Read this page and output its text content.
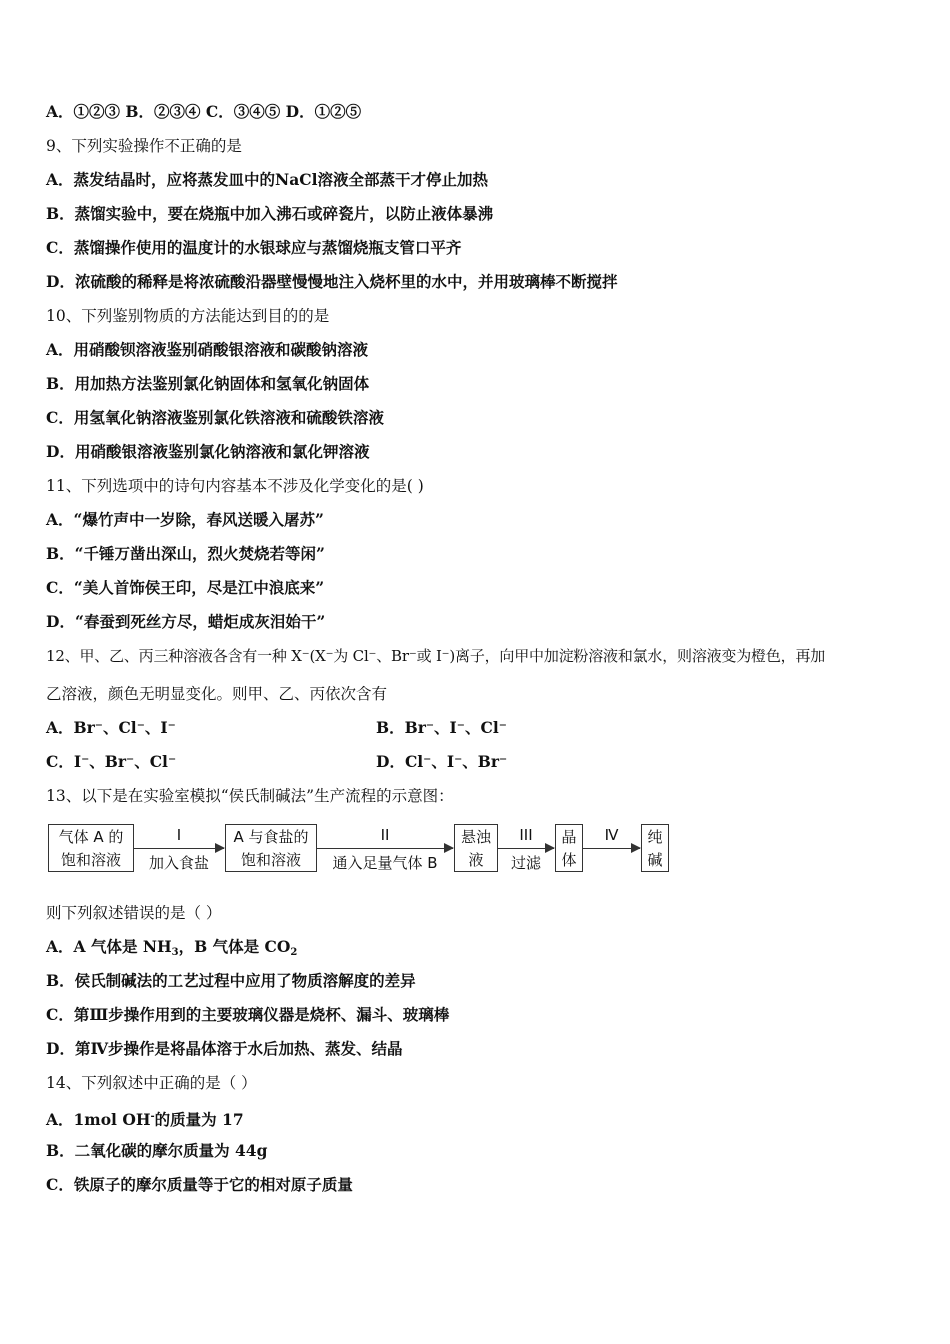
A．①②③ B．②③④ C．③④⑤ D．①②⑤
9、下列实验操作不正确的是
A．蒸发结晶时，应将蒸发皿中的NaCl溶液全部蒸干才停止加热
B．蒸馏实验中，要在烧瓶中加入沸石或碎瓷片，以防止液体暴沸
C．蒸馏操作使用的温度计的水银球应与蒸馏烧瓶支管口平齐
D．浓硫酸的稀释是将浓硫酸沿器壁慢慢地注入烧杯里的水中，并用玻璃棒不断搅拌
10、下列鉴别物质的方法能达到目的的是
A．用硝酸钡溶液鉴别硝酸银溶液和碳酸钠溶液
B．用加热方法鉴别氯化钠固体和氢氧化钠固体
C．用氢氧化钠溶液鉴别氯化铁溶液和硫酸铁溶液
D．用硝酸银溶液鉴别氯化钠溶液和氯化钾溶液
11、下列选项中的诗句内容基本不涉及化学变化的是( )
A．“爆竹声中一岁除，春风送暖入屠苏”
B．“千锤万凿出深山，烈火焚烧若等闲”
C．“美人首饰侯王印，尽是江中浪底来”
D．“春蚕到死丝方尽，蜡炬成灰泪始干”
12、甲、乙、丙三种溶液各含有一种 X⁻(X⁻为 Cl⁻、Br⁻或 I⁻)离子，向甲中加淀粉溶液和氯水，则溶液变为橙色，再加
乙溶液，颜色无明显变化。则甲、乙、丙依次含有
A．Br⁻、Cl⁻、I⁻	B．Br⁻、I⁻、Cl⁻
C．I⁻、Br⁻、Cl⁻	D．Cl⁻、I⁻、Br⁻
13、以下是在实验室模拟“侯氏制碱法”生产流程的示意图：
气体 A 的
饱和溶液
I
加入食盐
A 与食盐的
饱和溶液
II
通入足量气体 B
悬浊
液
III
过滤
晶
体
Ⅳ	纯
碱
则下列叙述错误的是（ ）
A．A 气体是 $NH_3$，B 气体是 $CO_2$
B．侯氏制碱法的工艺过程中应用了物质溶解度的差异
C．第Ⅲ步操作用到的主要玻璃仪器是烧杯、漏斗、玻璃棒
D．第Ⅳ步操作是将晶体溶于水后加热、蒸发、结晶
14、下列叙述中正确的是（ ）
A．1mol OH-的质量为 17
B．二氧化碳的摩尔质量为 44g
C．铁原子的摩尔质量等于它的相对原子质量
